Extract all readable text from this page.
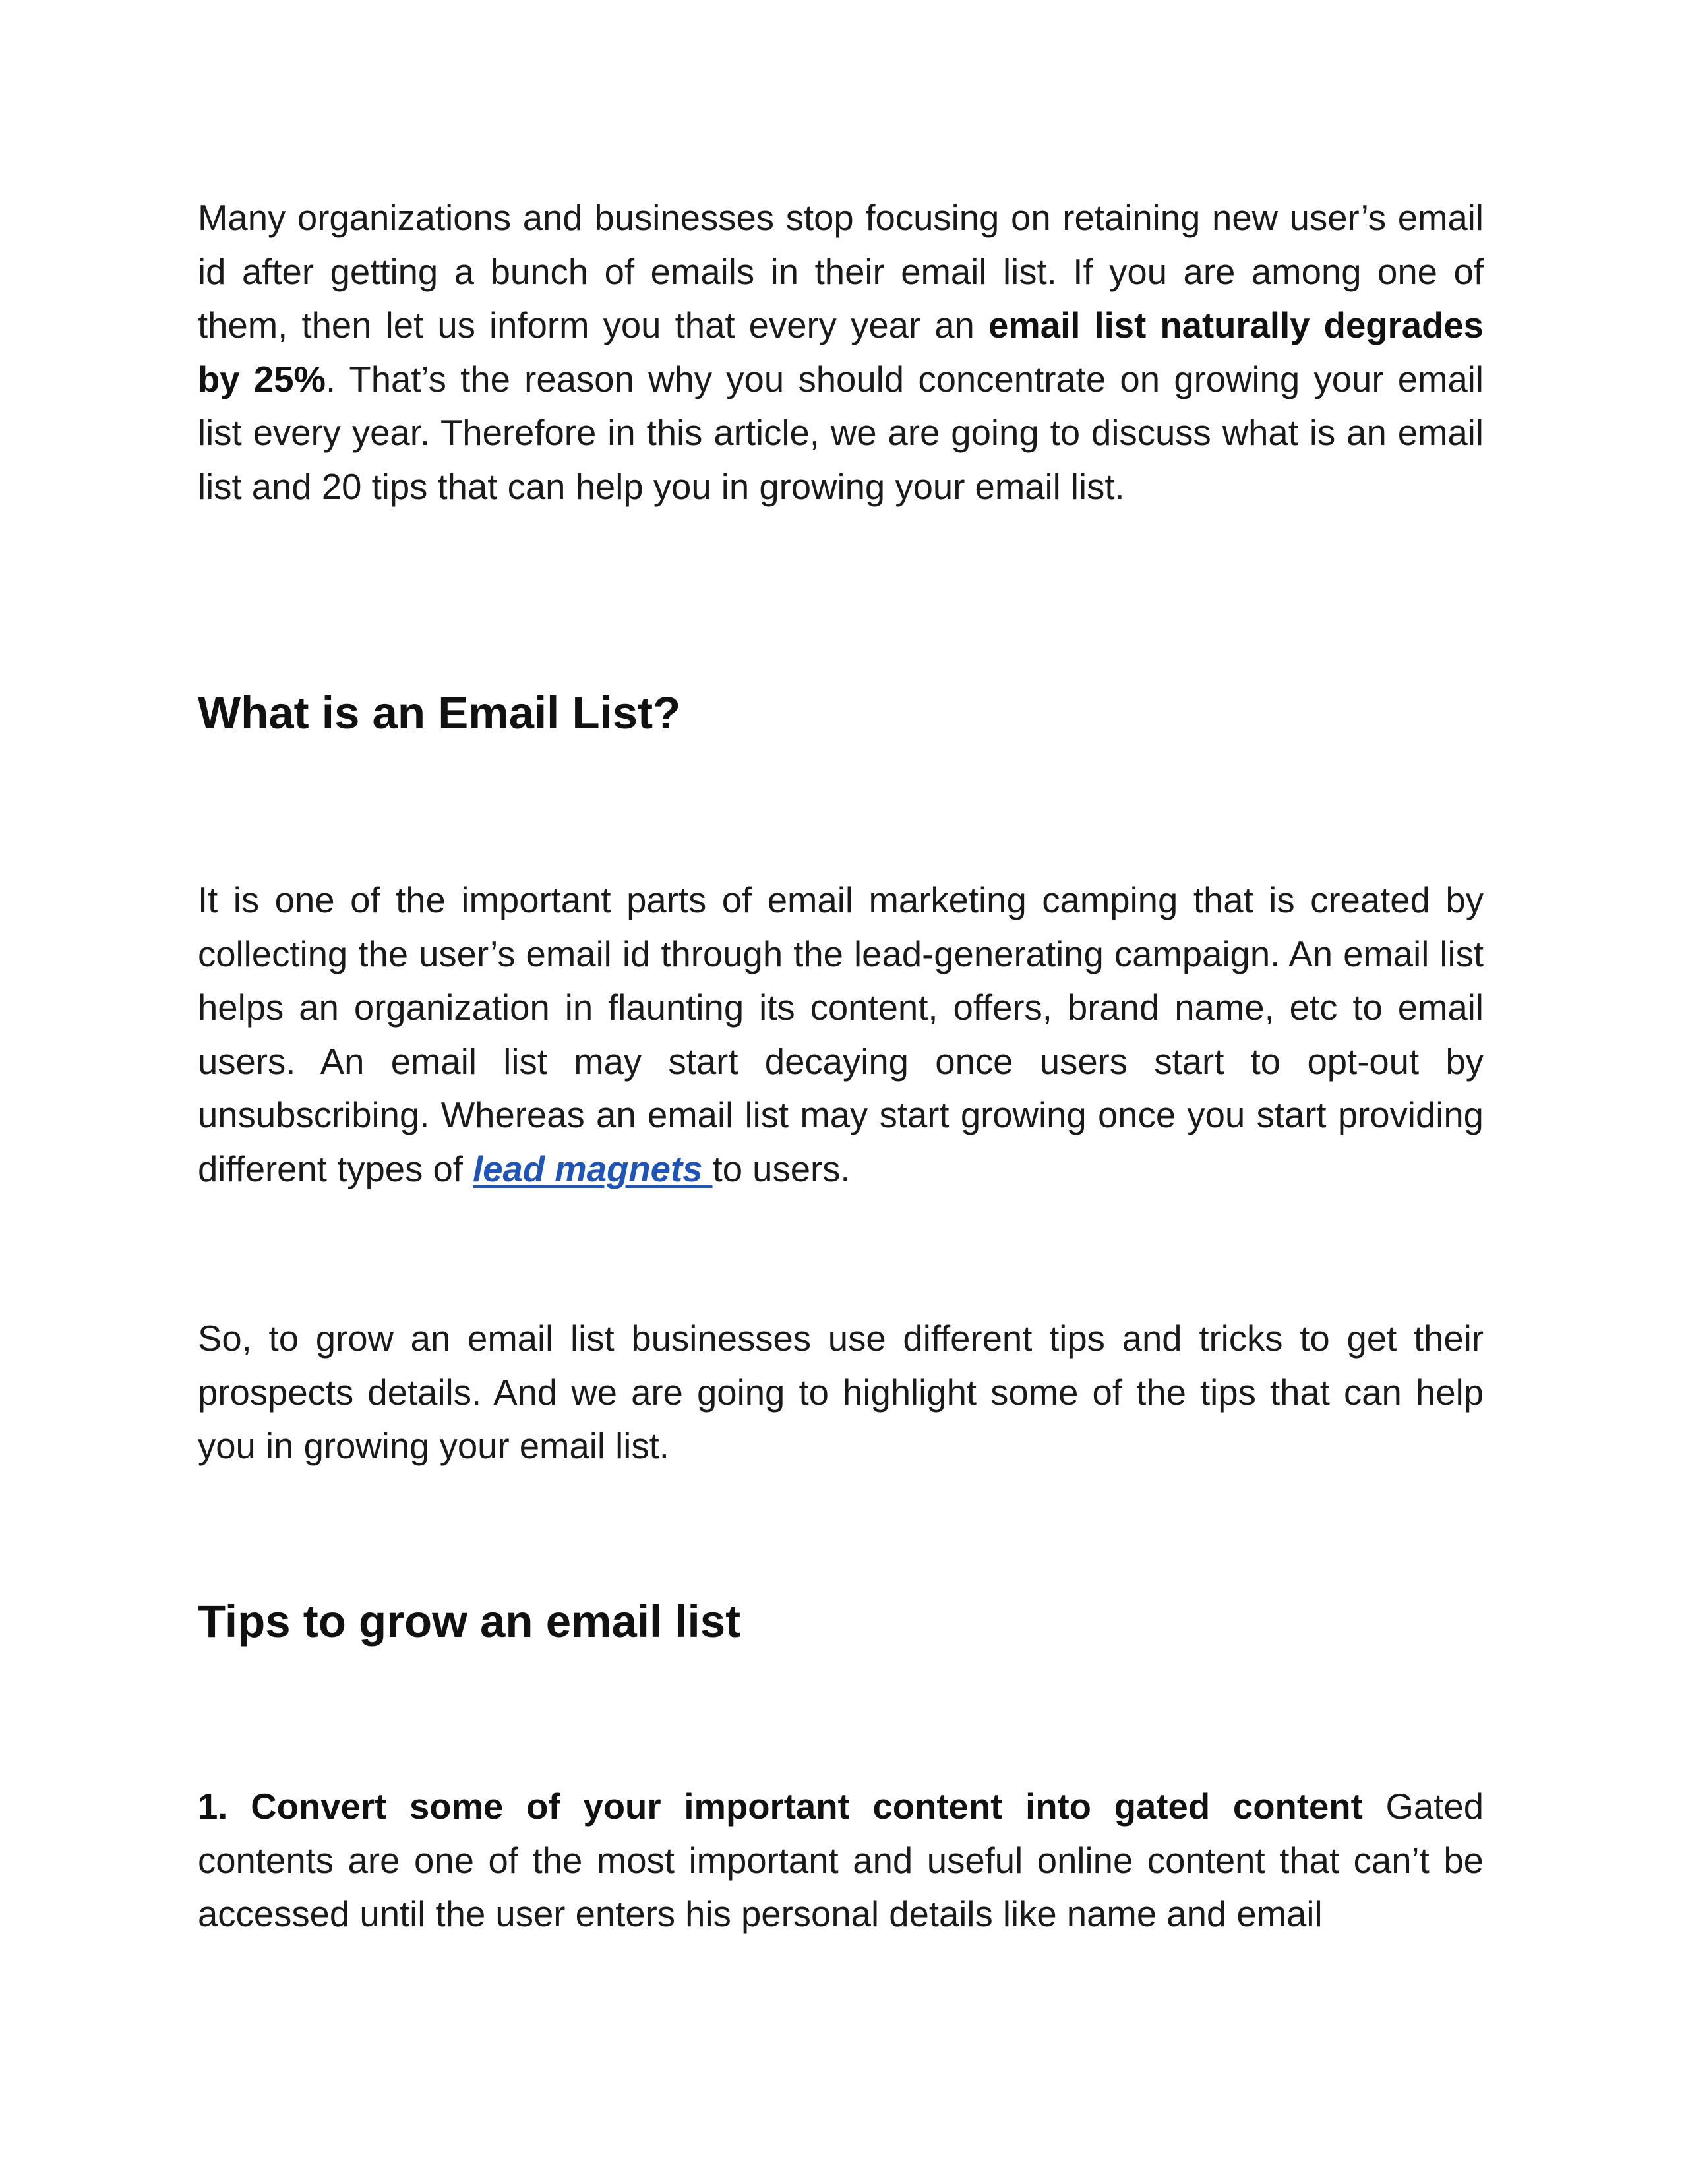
Many organizations and businesses stop focusing on retaining new user’s email id after getting a bunch of emails in their email list. If you are among one of them, then let us inform you that every year an email list naturally degrades by 25%. That’s the reason why you should concentrate on growing your email list every year. Therefore in this article, we are going to discuss what is an email list and 20 tips that can help you in growing your email list.

What is an Email List?

It is one of the important parts of email marketing camping that is created by collecting the user’s email id through the lead-generating campaign. An email list helps an organization in flaunting its content, offers, brand name, etc to email users. An email list may start decaying once users start to opt-out by unsubscribing. Whereas an email list may start growing once you start providing different types of lead magnets to users.

So, to grow an email list businesses use different tips and tricks to get their prospects details. And we are going to highlight some of the tips that can help you in growing your email list.

Tips to grow an email list

1. Convert some of your important content into gated content Gated contents are one of the most important and useful online content that can’t be accessed until the user enters his personal details like name and email
